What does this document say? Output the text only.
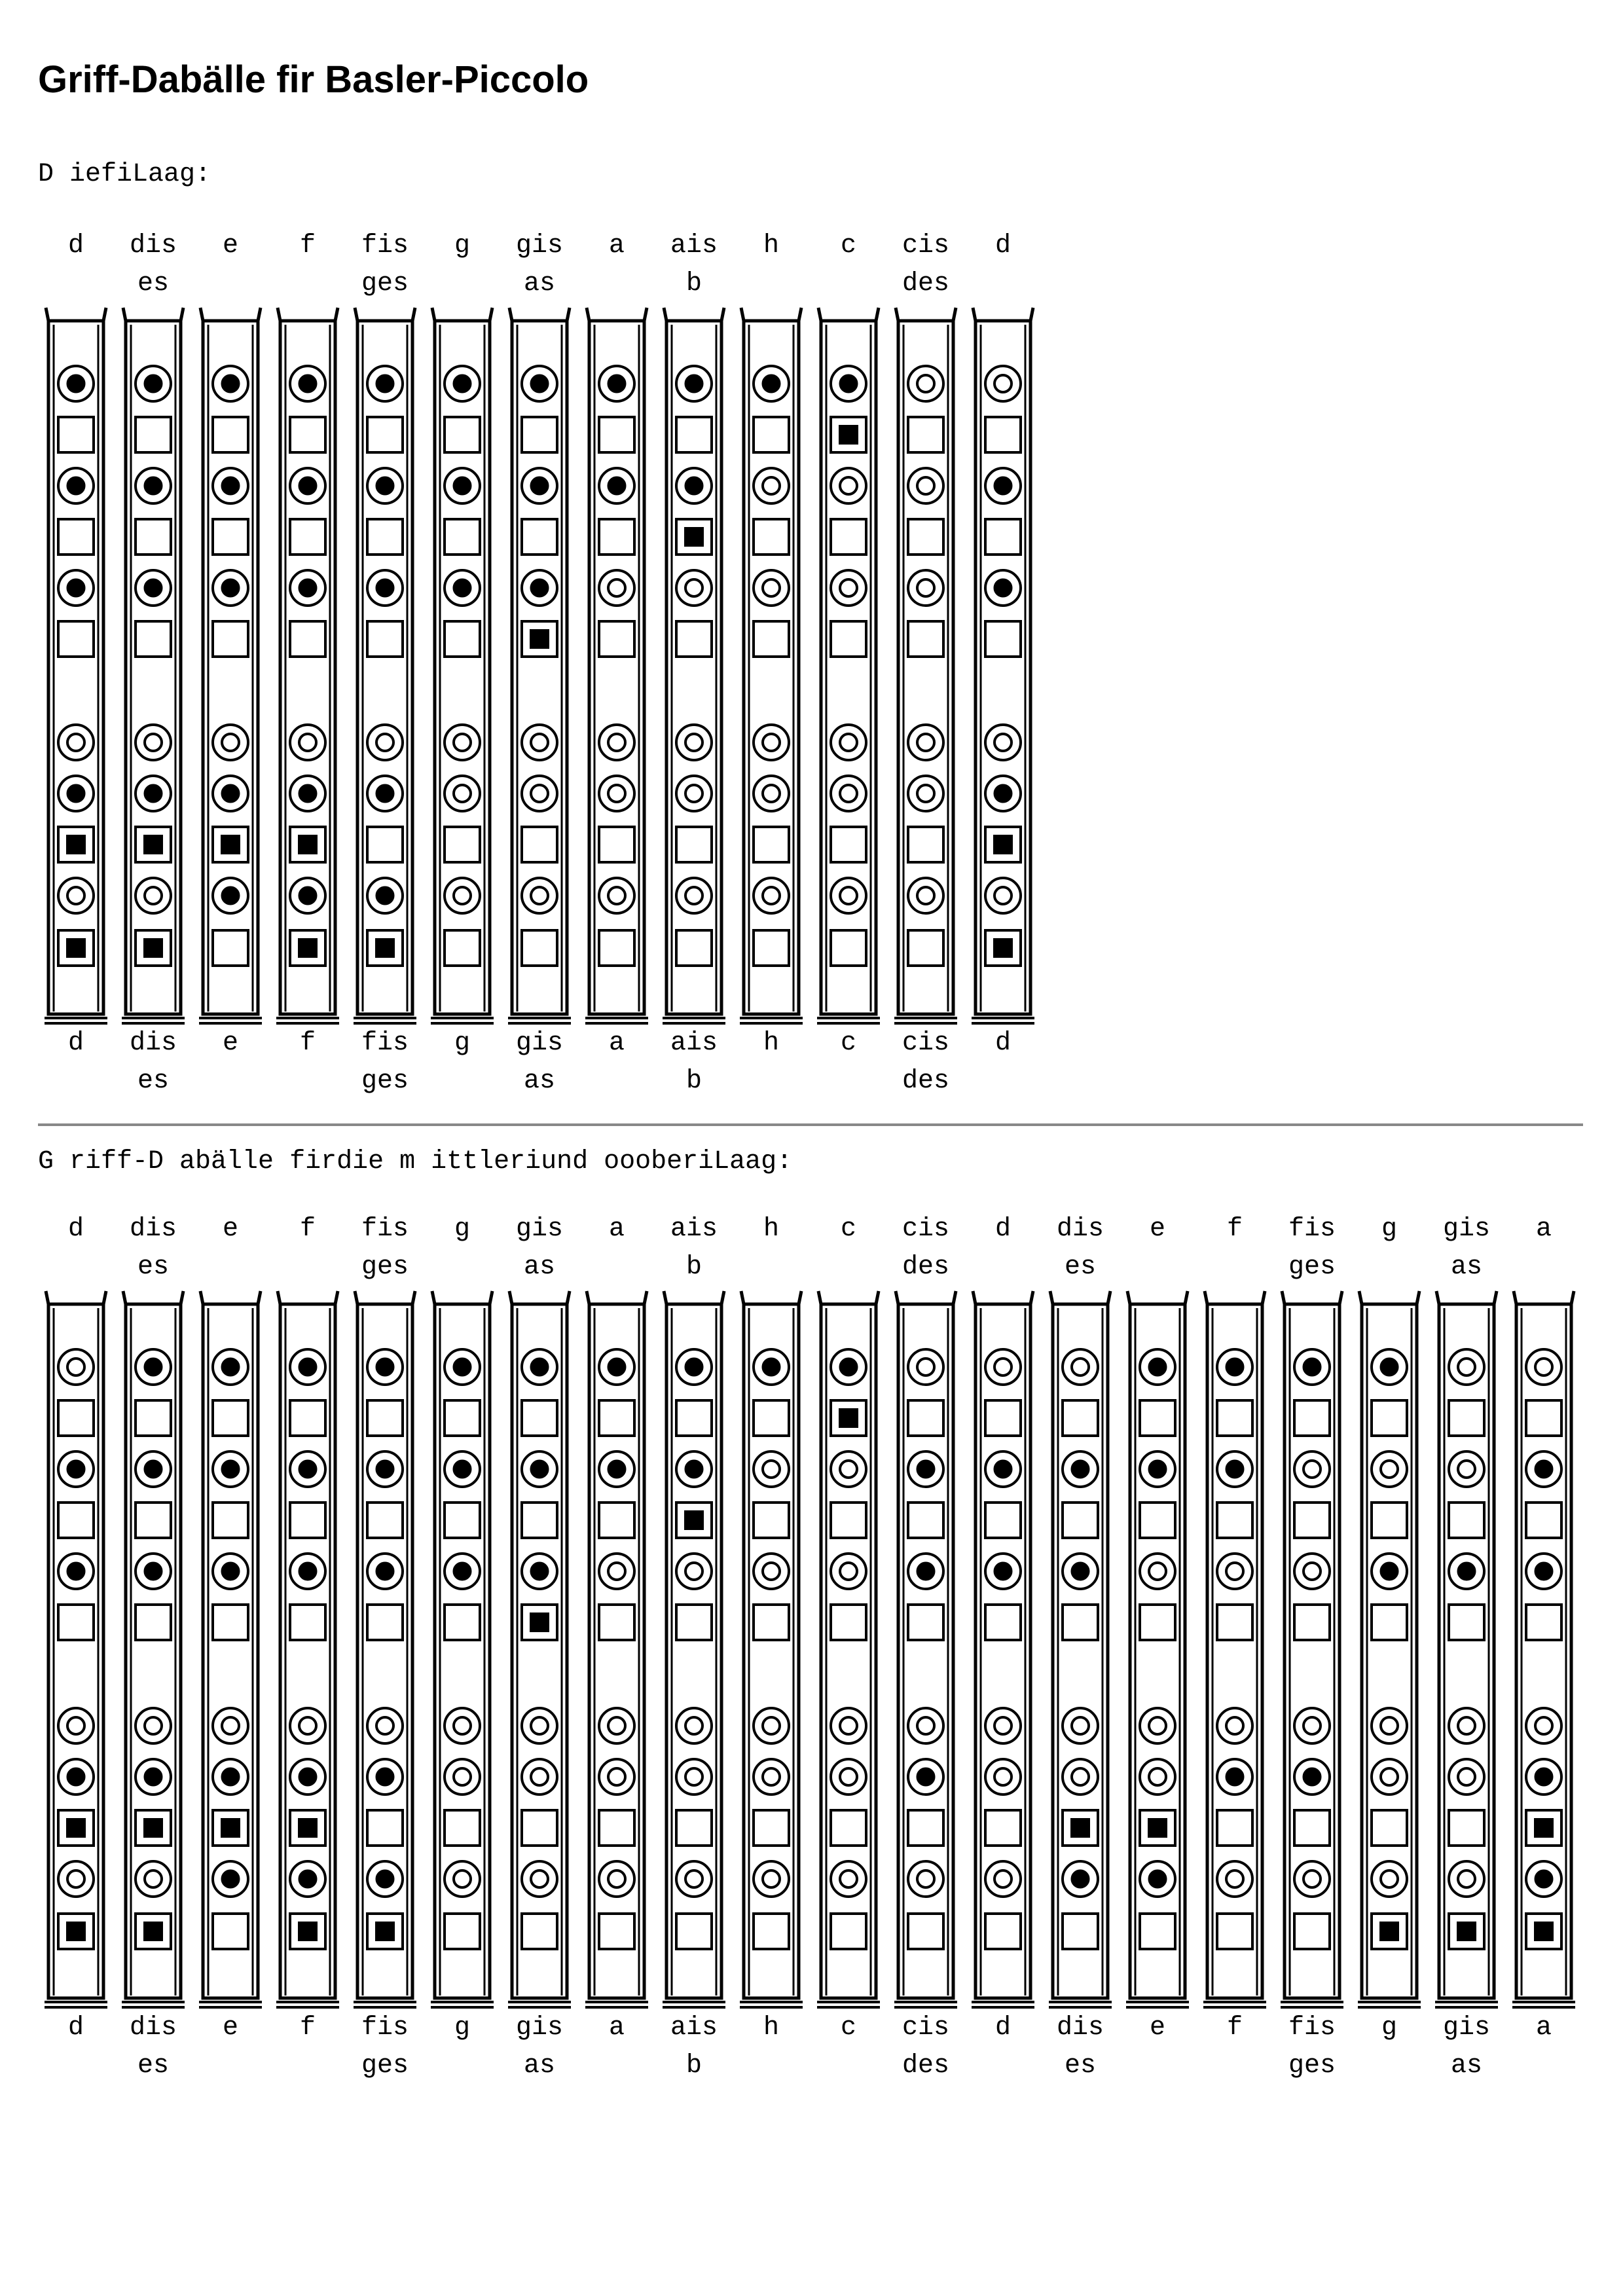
Griff-Dabälle fir Basler-Piccolo
D iefiLaag:
G riff-D abälle firdie m ittleriund oooberiLaag:
d
d
dis
dis
es
es
e
e
f
f
fis
fis
ges
ges
g
g
gis
gis
as
as
a
a
ais
ais
b
b
h
h
c
c
cis
cis
des
des
d
d
d
d
dis
dis
es
es
e
e
f
f
fis
fis
ges
ges
g
g
gis
gis
as
as
a
a
ais
ais
b
b
h
h
c
c
cis
cis
des
des
d
d
dis
dis
es
es
e
e
f
f
fis
fis
ges
ges
g
g
gis
gis
as
as
a
a
